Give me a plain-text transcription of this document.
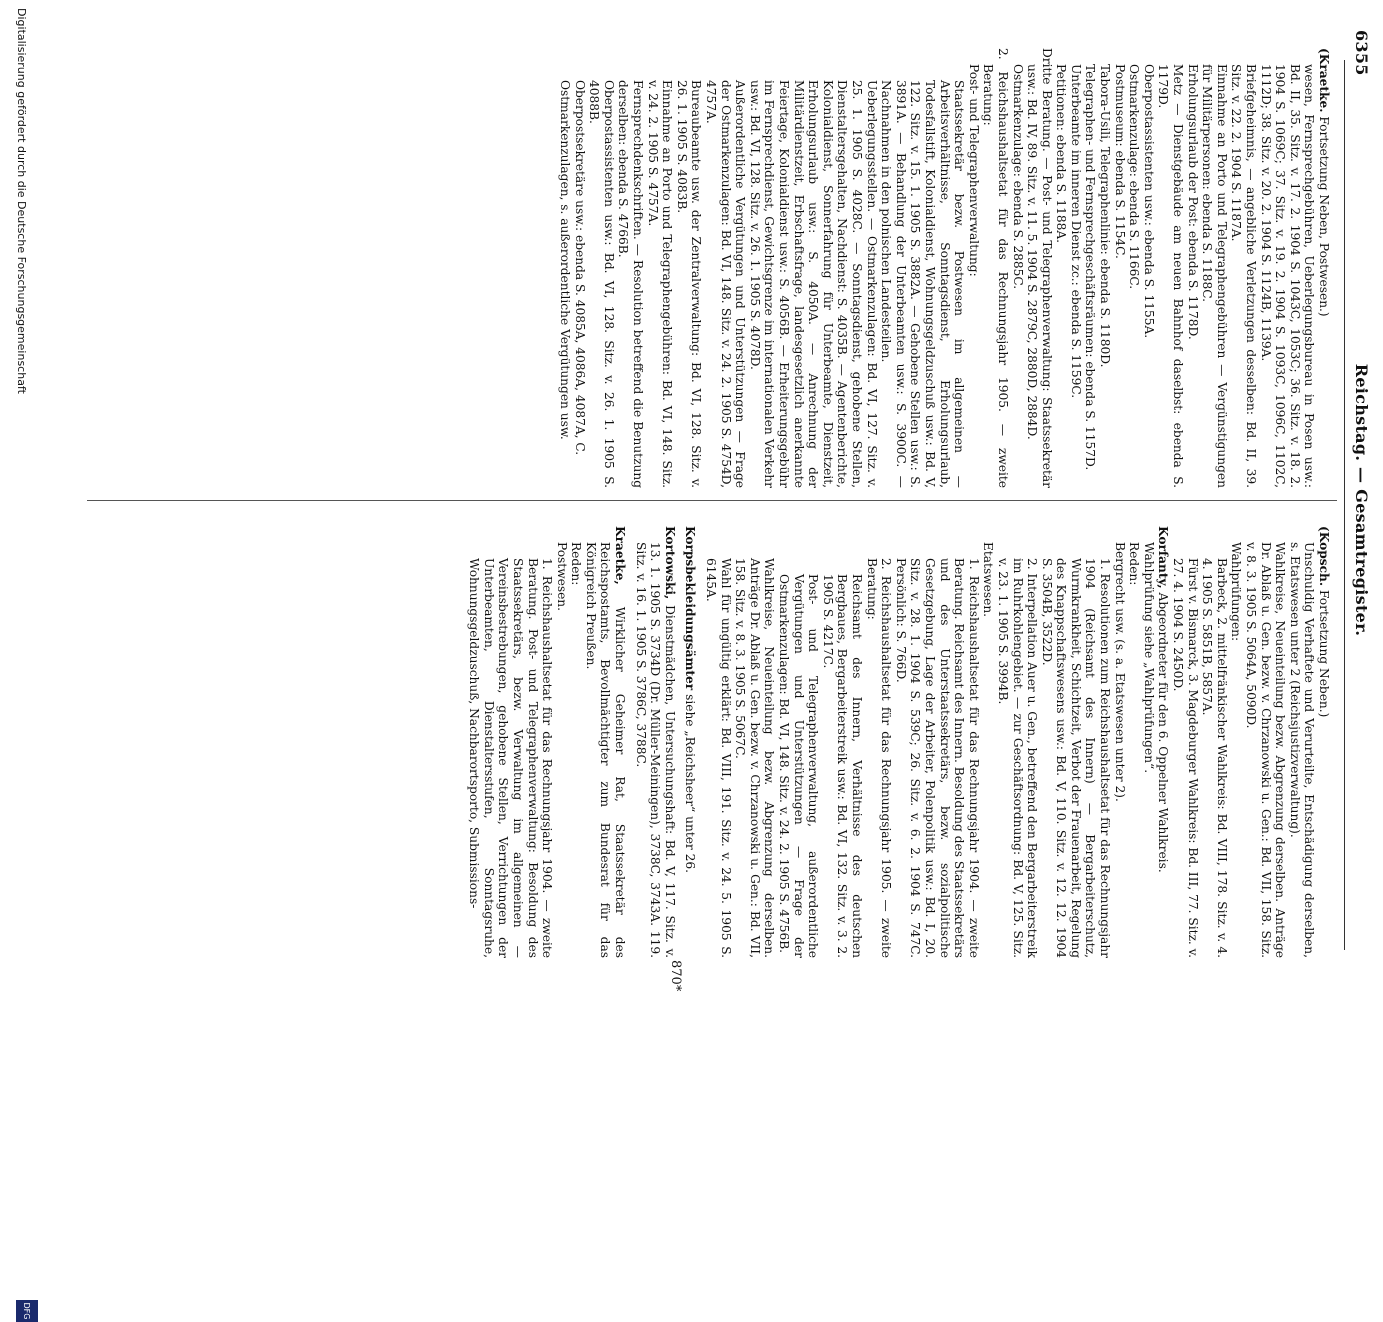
6355
Reichstag. — Gesamtregister.

(Kraetke. Fortsetzung Neben, Postwesen.)

wesen, Fernsprechgebühren, Ueberlegungsbureau in Posen usw.: Bd. II, 35. Sitz. v. 17. 2. 1904 S. 1043C, 1053C; 36. Sitz. v. 18. 2. 1904 S. 1069C; 37. Sitz. v. 19. 2. 1904 S. 1093C, 1096C, 1102C, 1112D; 38. Sitz. v. 20. 2. 1904 S. 1124B, 1139A.

Briefgeheimnis, — angebliche Verletzungen desselben: Bd. II, 39. Sitz. v. 22. 2. 1904 S. 1187A.

Einnahme an Porto und Telegraphengebühren — Vergünstigungen für Militärpersonen: ebenda S. 1188C.

Erholungsurlaub der Post: ebenda S. 1178D.

Metz — Dienstgebäude am neuen Bahnhof daselbst: ebenda S. 1179D.

Oberpostassistenten usw.: ebenda S. 1155A.

Ostmarkenzulage: ebenda S. 1166C.

Postmuseum: ebenda S. 1154C.

Tabora-Usili, Telegraphenlinie: ebenda S. 1180D.

Telegraphen- und Fernsprechgeschäftsräumen: ebenda S. 1157D.

Unterbeamte im inneren Dienst zc.: ebenda S. 1159C.

Petitionen: ebenda S. 1188A.

Dritte Beratung. — Post- und Telegraphenverwaltung: Staatssekretär usw.: Bd. IV, 89. Sitz. v. 11. 5. 1904 S. 2879C, 2880D, 2884D.

Ostmarkenzulage: ebenda S. 2885C.

2. Reichshaushaltsetat für das Rechnungsjahr 1905. — zweite Beratung:

Post- und Telegraphenverwaltung:

Staatssekretär bezw. Postwesen im allgemeinen — Arbeitsverhältnisse, Sonntagsdienst, Erholungsurlaub, Todesfallstift, Kolonialdienst, Wohnungsgeldzuschuß usw.: Bd. V, 122. Sitz. v. 15. 1. 1905 S. 3882A. — Gehobene Stellen usw.: S. 3891A. — Behandlung der Unterbeamten usw.: S. 3900C. — Nachnahmen in den polnischen Landesteilen.

Ueberlegungsstellen. — Ostmarkenzulagen: Bd. VI, 127. Sitz. v. 25. 1. 1905 S. 4028C. — Sonntagsdienst, gehobene Stellen, Dienstaltersgehalten, Nachdienst: S. 4035B. — Agentenberichte, Kolonialdienst, Sonnerfahrung für Unterbeamte, Dienstzeit, Erholungsurlaub usw.: S. 4050A. — Anrechnung der Militärdienstzeit, Erbschaftsfrage, landesgesetzlich anerkannte Feiertage, Kolonialdienst usw.: S. 4056B. — Erheiterungsgebühr im Fernsprechdienst, Gewichtsgrenze im internationalen Verkehr usw.: Bd. VI, 128. Sitz. v. 26. 1. 1905 S. 4078D.

Außerordentliche Vergütungen und Unterstützungen — Frage der Ostmarkenzulagen: Bd. VI, 148. Sitz. v. 24. 2. 1905 S. 4754D, 4757A.

Bureaubeamte usw. der Zentralverwaltung: Bd. VI, 128. Sitz. v. 26. 1. 1905 S. 4083B.

Einnahme an Porto und Telegraphengebühren: Bd. VI, 148. Sitz. v. 24. 2. 1905 S. 4757A.

Fernsprechdenkschriften. — Resolution betreffend die Benutzung derselben: ebenda S. 4766B.

Oberpostassistenten usw.: Bd. VI, 128. Sitz. v. 26. 1. 1905 S. 4088B.

Oberpostsekretäre usw.: ebenda S. 4085A, 4086A, 4087A, C.

Ostmarkenzulagen, s. außerordentliche Vergütungen usw.

(Kopsch. Fortsetzung Neben.)

Unschuldig Verhaftete und Verurteilte, Entschädigung derselben, s. Etatswesen unter 2 (Reichsjustizverwaltung).

Wahlkreise, Neueinteilung bezw. Abgrenzung derselben. Anträge Dr. Ablaß u. Gen. bezw. v. Chrzanowski u. Gen.: Bd. VII, 158. Sitz. v. 8. 3. 1905 S. 5064A, 5090D.

Wahlprüfungen:

Barbeck, 2. mittelfränkischer Wahlkreis: Bd. VIII, 178. Sitz. v. 4. 4. 1905 S. 5851B, 5857A.

Fürst v. Bismarck, 3. Magdeburger Wahlkreis: Bd. III, 77. Sitz. v. 27. 4. 1904 S. 2450D.

Korfanty, Abgeordneter für den 6. Oppelner Wahlkreis.

Wahlprüfung siehe „Wahlprüfungen“.

Reden:

Bergrecht usw. (s. a. Etatswesen unter 2).

1. Resolutionen zum Reichshaushaltsetat für das Rechnungsjahr 1904 (Reichsamt des Innern) — Bergarbeiterschutz, Wurmkrankheit, Schichtzeit, Verbot der Frauenarbeit, Regelung des Knappschaftswesens usw.: Bd. V, 110. Sitz. v. 12. 12. 1904 S. 3504B, 3522D.

2. Interpellation Auer u. Gen., betreffend den Bergarbeiterstreik im Ruhrkohlengebiet. — zur Geschäftsordnung: Bd. V, 125. Sitz. v. 23. 1. 1905 S. 3994B.

Etatswesen.

1. Reichshaushaltsetat für das Rechnungsjahr 1904. — zweite Beratung. Reichsamt des Innern. Besoldung des Staatssekretärs und des Unterstaatssekretärs, bezw. sozialpolitische Gesetzgebung, Lage der Arbeiter, Polenpolitik usw.: Bd. I, 20. Sitz. v. 28. 1. 1904 S. 539C; 26. Sitz. v. 6. 2. 1904 S. 747C. Persönlich: S. 766D.

2. Reichshaushaltsetat für das Rechnungsjahr 1905. — zweite Beratung:

Reichsamt des Innern, Verhältnisse des deutschen Bergbaues, Bergarbeiterstreik usw.: Bd. VI, 132. Sitz. v. 3. 2. 1905 S. 4217C.

Post- und Telegraphenverwaltung, außerordentliche Vergütungen und Unterstützungen — Frage der Ostmarkenzulagen: Bd. VI, 148. Sitz. v. 24. 2. 1905 S. 4756B.

Wahlkreise, Neueinteilung bezw. Abgrenzung derselben. Anträge Dr. Ablaß u. Gen. bezw. v. Chrzanowski u. Gen.: Bd. VII, 158. Sitz. v. 8. 3. 1905 S. 5067C.

Wahl für ungültig erklärt: Bd. VIII, 191. Sitz. v. 24. 5. 1905 S. 6145A.

Korpsbekleidungsämter siehe „Reichsheer“ unter 26.

Kortowski, Dienstmädchen, Untersuchungshaft: Bd. V, 117. Sitz. v. 13. 1. 1905 S. 3734D (Dr. Müller-Meiningen), 3738C, 3743A. 119. Sitz. v. 16. 1. 1905 S. 3786C, 3788C.

Kraetke, Wirklicher Geheimer Rat, Staatssekretär des Reichspostamts, Bevollmächtigter zum Bundesrat für das Königreich Preußen.

Reden:

Postwesen.

1. Reichshaushaltsetat für das Rechnungsjahr 1904. — zweite Beratung. Post- und Telegraphenverwaltung: Besoldung des Staatssekretärs, bezw. Verwaltung im allgemeinen — Vereinsbestrebungen, gehobene Stellen, Verrichtungen der Unterbeamten, Dienstaltersstufen, Sonntagsruhe, Wohnungsgeldzuschuß, Nachbarortsporto, Submissions-

870*
Digitalisierung gefördert durch die Deutsche Forschungsgemeinschaft
DFG
